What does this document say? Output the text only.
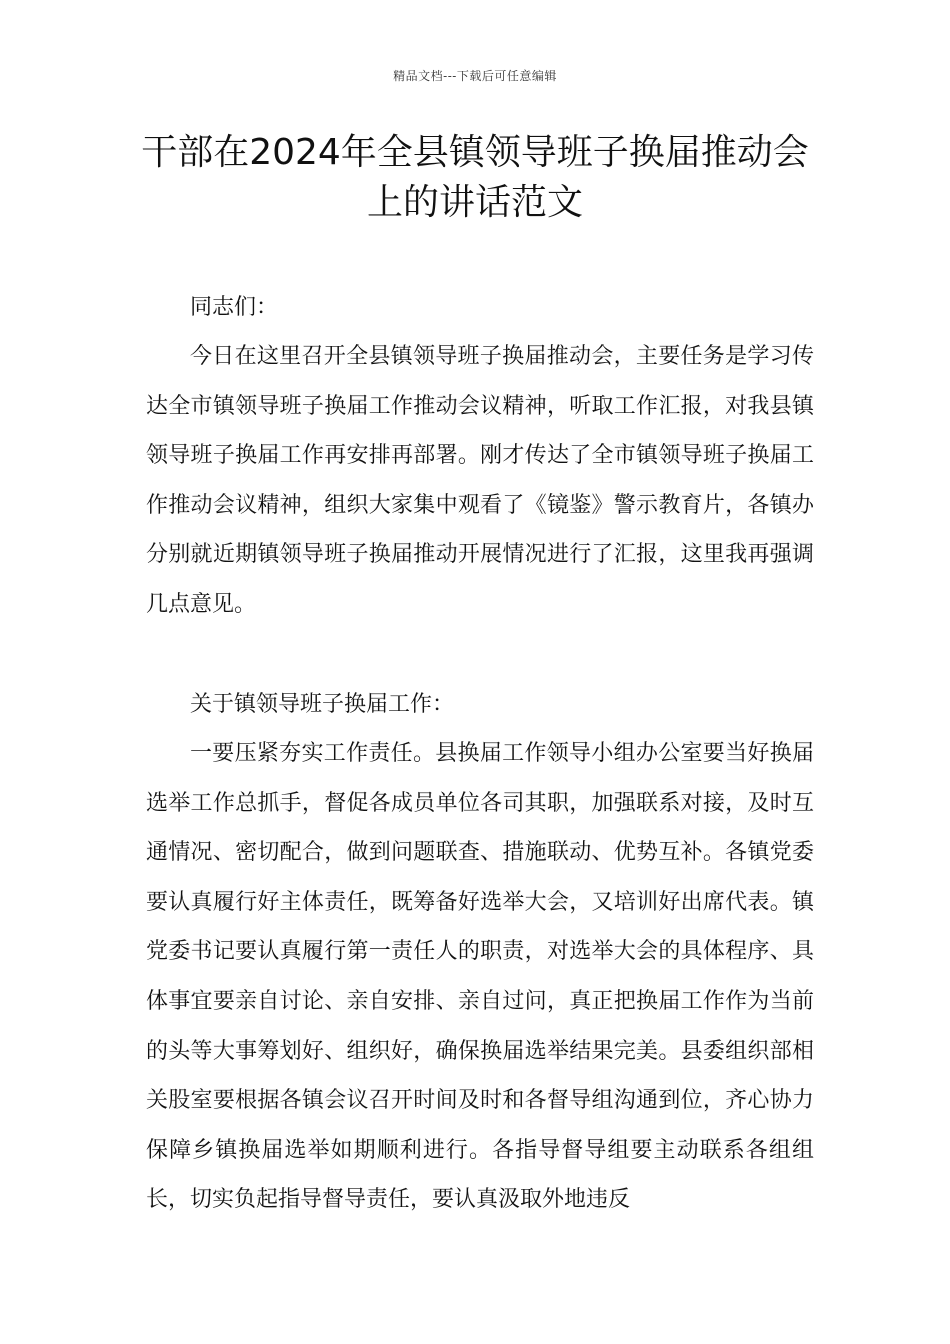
精品文档---下载后可任意编辑
干部在2024年全县镇领导班子换届推动会上的讲话范文

同志们：

今日在这里召开全县镇领导班子换届推动会，主要任务是学习传达全市镇领导班子换届工作推动会议精神，听取工作汇报，对我县镇领导班子换届工作再安排再部署。刚才传达了全市镇领导班子换届工作推动会议精神，组织大家集中观看了《镜鉴》警示教育片，各镇办分别就近期镇领导班子换届推动开展情况进行了汇报，这里我再强调几点意见。

关于镇领导班子换届工作：

一要压紧夯实工作责任。县换届工作领导小组办公室要当好换届选举工作总抓手，督促各成员单位各司其职，加强联系对接，及时互通情况、密切配合，做到问题联查、措施联动、优势互补。各镇党委要认真履行好主体责任，既筹备好选举大会，又培训好出席代表。镇党委书记要认真履行第一责任人的职责，对选举大会的具体程序、具体事宜要亲自讨论、亲自安排、亲自过问，真正把换届工作作为当前的头等大事筹划好、组织好，确保换届选举结果完美。县委组织部相关股室要根据各镇会议召开时间及时和各督导组沟通到位，齐心协力保障乡镇换届选举如期顺利进行。各指导督导组要主动联系各组组长，切实负起指导督导责任，要认真汲取外地违反
